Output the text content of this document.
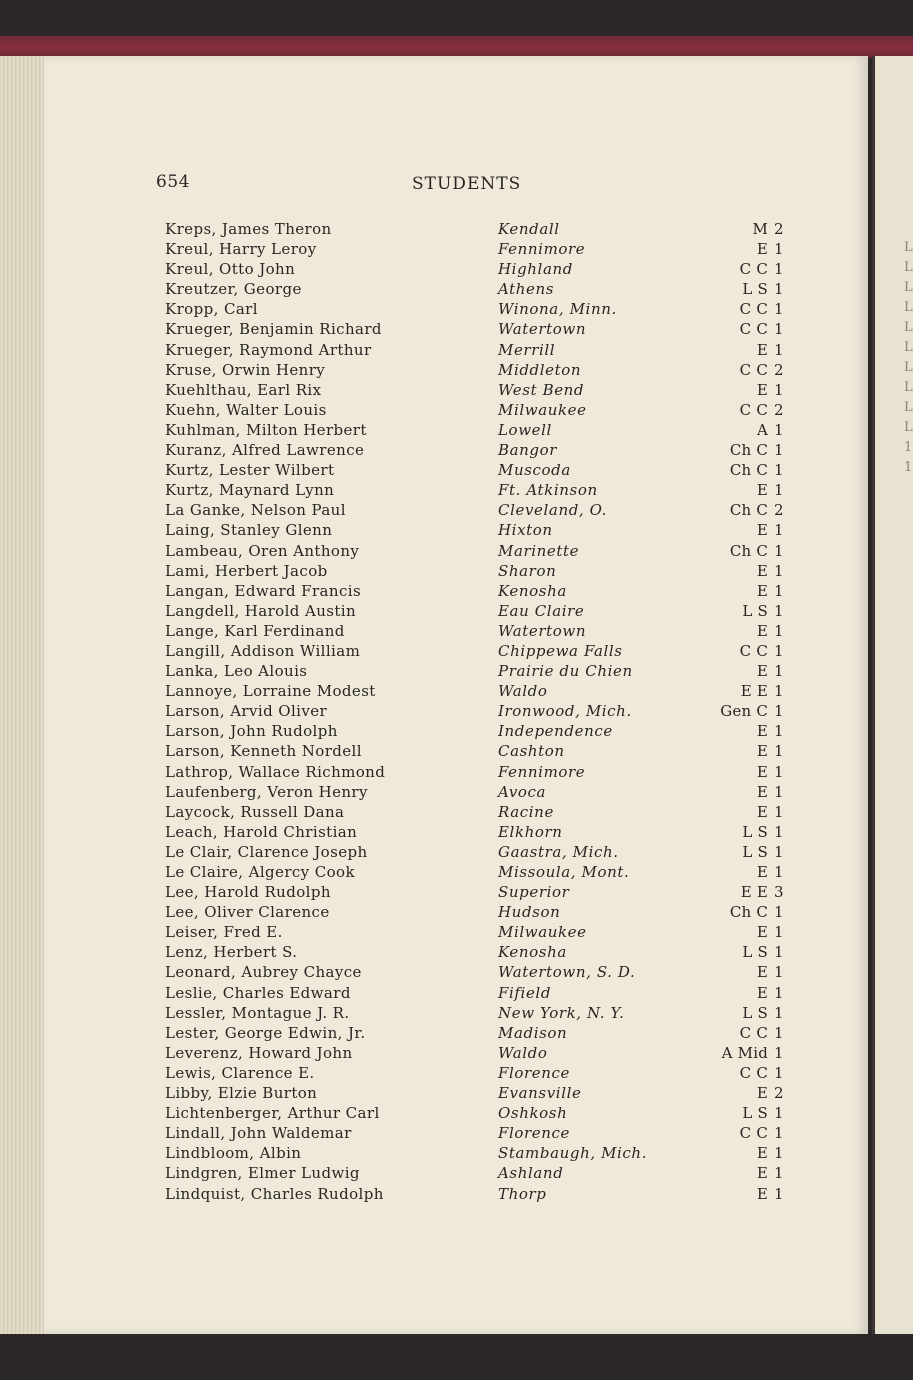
L
L
L
L
L
L
L
L
L
L
1
1
654	STUDENTS
Kreps, James Theron	Kendall	M 2
Kreul, Harry Leroy	Fennimore	E 1
Kreul, Otto John	Highland	C C 1
Kreutzer, George	Athens	L S 1
Kropp, Carl	Winona, Minn.	C C 1
Krueger, Benjamin Richard	Watertown	C C 1
Krueger, Raymond Arthur	Merrill	E 1
Kruse, Orwin Henry	Middleton	C C 2
Kuehlthau, Earl Rix	West Bend	E 1
Kuehn, Walter Louis	Milwaukee	C C 2
Kuhlman, Milton Herbert	Lowell	A 1
Kuranz, Alfred Lawrence	Bangor	Ch C 1
Kurtz, Lester Wilbert	Muscoda	Ch C 1
Kurtz, Maynard Lynn	Ft. Atkinson	E 1
La Ganke, Nelson Paul	Cleveland, O.	Ch C 2
Laing, Stanley Glenn	Hixton	E 1
Lambeau, Oren Anthony	Marinette	Ch C 1
Lami, Herbert Jacob	Sharon	E 1
Langan, Edward Francis	Kenosha	E 1
Langdell, Harold Austin	Eau Claire	L S 1
Lange, Karl Ferdinand	Watertown	E 1
Langill, Addison William	Chippewa Falls	C C 1
Lanka, Leo Alouis	Prairie du Chien	E 1
Lannoye, Lorraine Modest	Waldo	E E 1
Larson, Arvid Oliver	Ironwood, Mich.	Gen C 1
Larson, John Rudolph	Independence	E 1
Larson, Kenneth Nordell	Cashton	E 1
Lathrop, Wallace Richmond	Fennimore	E 1
Laufenberg, Veron Henry	Avoca	E 1
Laycock, Russell Dana	Racine	E 1
Leach, Harold Christian	Elkhorn	L S 1
Le Clair, Clarence Joseph	Gaastra, Mich.	L S 1
Le Claire, Algercy Cook	Missoula, Mont.	E 1
Lee, Harold Rudolph	Superior	E E 3
Lee, Oliver Clarence	Hudson	Ch C 1
Leiser, Fred E.	Milwaukee	E 1
Lenz, Herbert S.	Kenosha	L S 1
Leonard, Aubrey Chayce	Watertown, S. D.	E 1
Leslie, Charles Edward	Fifield	E 1
Lessler, Montague J. R.	New York, N. Y.	L S 1
Lester, George Edwin, Jr.	Madison	C C 1
Leverenz, Howard John	Waldo	A Mid 1
Lewis, Clarence E.	Florence	C C 1
Libby, Elzie Burton	Evansville	E 2
Lichtenberger, Arthur Carl	Oshkosh	L S 1
Lindall, John Waldemar	Florence	C C 1
Lindbloom, Albin	Stambaugh, Mich.	E 1
Lindgren, Elmer Ludwig	Ashland	E 1
Lindquist, Charles Rudolph	Thorp	E 1
